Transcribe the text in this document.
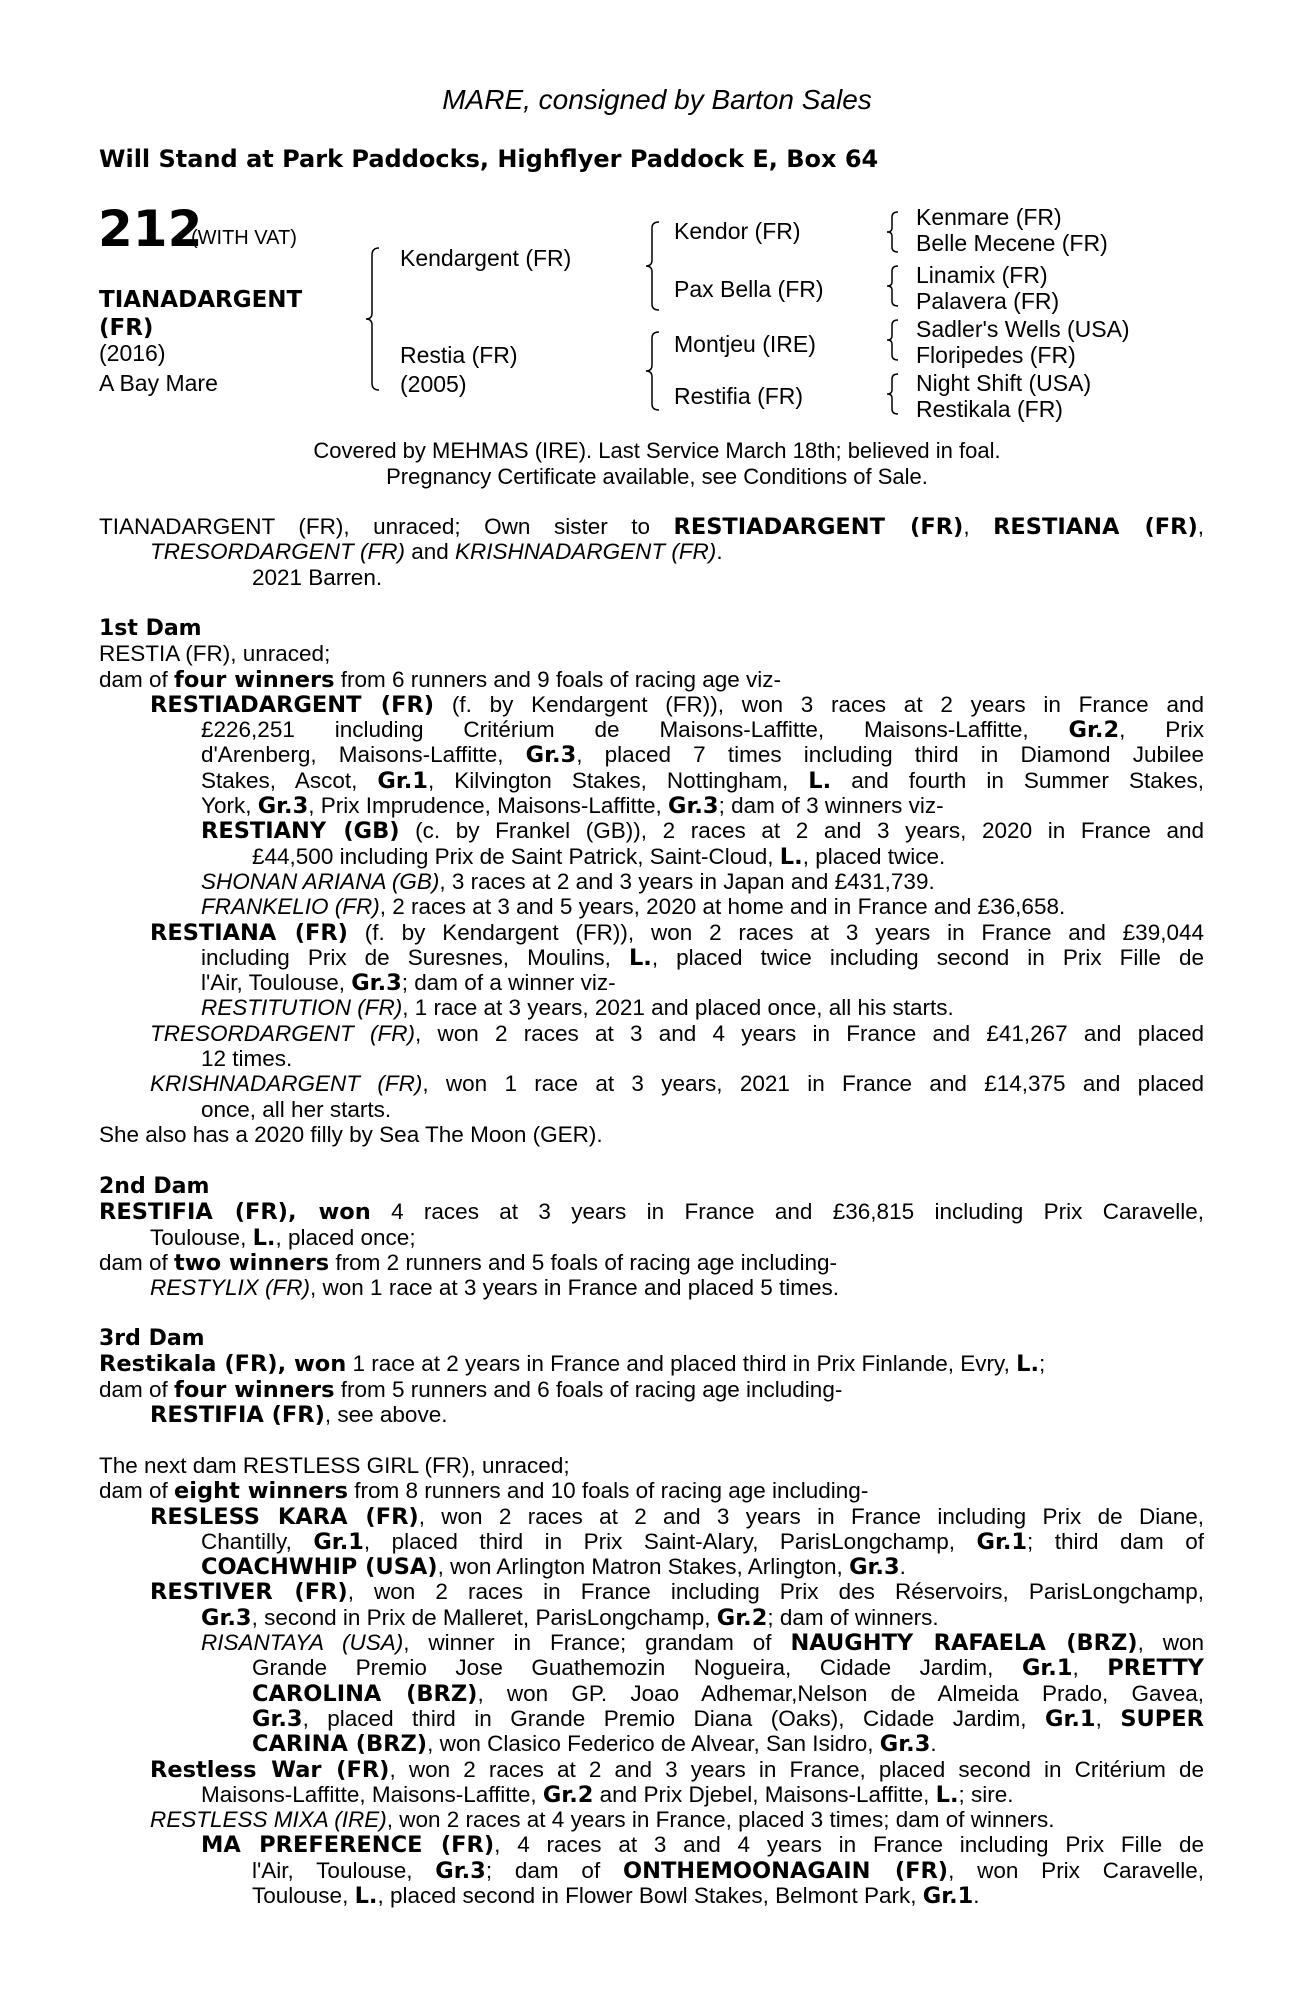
MARE, consigned by Barton Sales
Will Stand at Park Paddocks, Highflyer Paddock E, Box 64
212
(WITH VAT)
TIANADARGENT
(FR)
(2016)
A Bay Mare
Kendargent (FR)
Restia (FR)
(2005)
Kendor (FR)
Pax Bella (FR)
Montjeu (IRE)
Restifia (FR)
Kenmare (FR)
Belle Mecene (FR)
Linamix (FR)
Palavera (FR)
Sadler's Wells (USA)
Floripedes (FR)
Night Shift (USA)
Restikala (FR)
Covered by MEHMAS (IRE). Last Service March 18th; believed in foal.
Pregnancy Certificate available, see Conditions of Sale.
TIANADARGENT (FR), unraced; Own sister to RESTIADARGENT (FR), RESTIANA (FR),
TRESORDARGENT (FR) and KRISHNADARGENT (FR).
2021 Barren.
1st Dam
RESTIA (FR), unraced;
dam of four winners from 6 runners and 9 foals of racing age viz-
RESTIADARGENT (FR) (f. by Kendargent (FR)), won 3 races at 2 years in France and
£226,251 including Critérium de Maisons-Laffitte, Maisons-Laffitte, Gr.2, Prix
d'Arenberg, Maisons-Laffitte, Gr.3, placed 7 times including third in Diamond Jubilee
Stakes, Ascot, Gr.1, Kilvington Stakes, Nottingham, L. and fourth in Summer Stakes,
York, Gr.3, Prix Imprudence, Maisons-Laffitte, Gr.3; dam of 3 winners viz-
RESTIANY (GB) (c. by Frankel (GB)), 2 races at 2 and 3 years, 2020 in France and
£44,500 including Prix de Saint Patrick, Saint-Cloud, L., placed twice.
SHONAN ARIANA (GB), 3 races at 2 and 3 years in Japan and £431,739.
FRANKELIO (FR), 2 races at 3 and 5 years, 2020 at home and in France and £36,658.
RESTIANA (FR) (f. by Kendargent (FR)), won 2 races at 3 years in France and £39,044
including Prix de Suresnes, Moulins, L., placed twice including second in Prix Fille de
l'Air, Toulouse, Gr.3; dam of a winner viz-
RESTITUTION (FR), 1 race at 3 years, 2021 and placed once, all his starts.
TRESORDARGENT (FR), won 2 races at 3 and 4 years in France and £41,267 and placed
12 times.
KRISHNADARGENT (FR), won 1 race at 3 years, 2021 in France and £14,375 and placed
once, all her starts.
She also has a 2020 filly by Sea The Moon (GER).
2nd Dam
RESTIFIA (FR), won 4 races at 3 years in France and £36,815 including Prix Caravelle,
Toulouse, L., placed once;
dam of two winners from 2 runners and 5 foals of racing age including-
RESTYLIX (FR), won 1 race at 3 years in France and placed 5 times.
3rd Dam
Restikala (FR), won 1 race at 2 years in France and placed third in Prix Finlande, Evry, L.;
dam of four winners from 5 runners and 6 foals of racing age including-
RESTIFIA (FR), see above.
The next dam RESTLESS GIRL (FR), unraced;
dam of eight winners from 8 runners and 10 foals of racing age including-
RESLESS KARA (FR), won 2 races at 2 and 3 years in France including Prix de Diane,
Chantilly, Gr.1, placed third in Prix Saint-Alary, ParisLongchamp, Gr.1; third dam of
COACHWHIP (USA), won Arlington Matron Stakes, Arlington, Gr.3.
RESTIVER (FR), won 2 races in France including Prix des Réservoirs, ParisLongchamp,
Gr.3, second in Prix de Malleret, ParisLongchamp, Gr.2; dam of winners.
RISANTAYA (USA), winner in France; grandam of NAUGHTY RAFAELA (BRZ), won
Grande Premio Jose Guathemozin Nogueira, Cidade Jardim, Gr.1, PRETTY
CAROLINA (BRZ), won GP. Joao Adhemar,Nelson de Almeida Prado, Gavea,
Gr.3, placed third in Grande Premio Diana (Oaks), Cidade Jardim, Gr.1, SUPER
CARINA (BRZ), won Clasico Federico de Alvear, San Isidro, Gr.3.
Restless War (FR), won 2 races at 2 and 3 years in France, placed second in Critérium de
Maisons-Laffitte, Maisons-Laffitte, Gr.2 and Prix Djebel, Maisons-Laffitte, L.; sire.
RESTLESS MIXA (IRE), won 2 races at 4 years in France, placed 3 times; dam of winners.
MA PREFERENCE (FR), 4 races at 3 and 4 years in France including Prix Fille de
l'Air, Toulouse, Gr.3; dam of ONTHEMOONAGAIN (FR), won Prix Caravelle,
Toulouse, L., placed second in Flower Bowl Stakes, Belmont Park, Gr.1.
